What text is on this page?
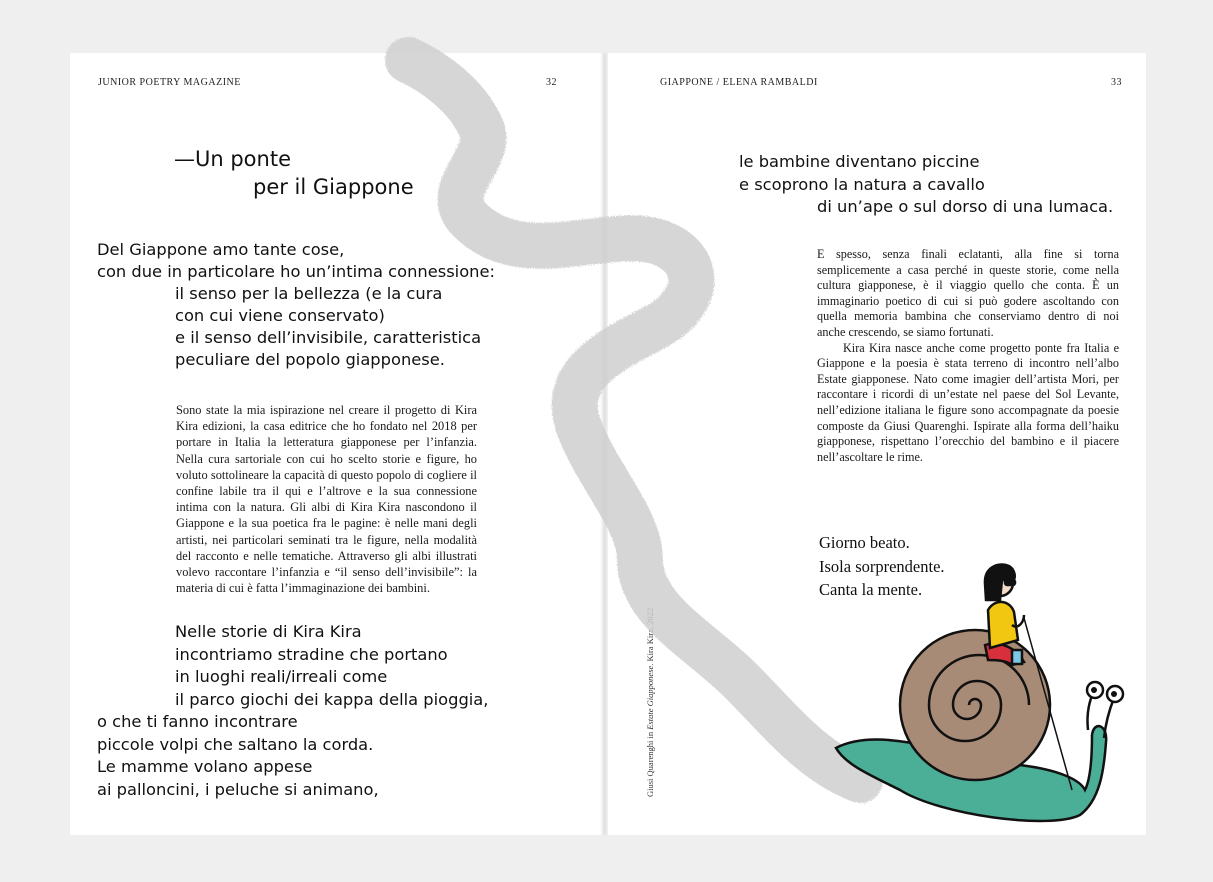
JUNIOR POETRY MAGAZINE	32
—Un ponte
per il Giappone
Del Giappone amo tante cose,
con due in particolare ho un’intima connessione:
il senso per la bellezza (e la cura
con cui viene conservato)
e il senso dell’invisibile, caratteristica
peculiare del popolo giapponese.

Sono state la mia ispirazione nel creare il progetto di Kira Kira edizioni, la casa editrice che ho fondato nel 2018 per portare in Italia la letteratura giapponese per l’infanzia. Nella cura sartoriale con cui ho scelto storie e figure, ho voluto sottolineare la capacità di questo popolo di cogliere il confine labile tra il qui e l’altrove e la sua connessione intima con la natura. Gli albi di Kira Kira nascondono il Giappone e la sua poetica fra le pagine: è nelle mani degli artisti, nei particolari seminati tra le figure, nella modalità del racconto e nelle tematiche. Attraverso gli albi illustrati volevo raccontare l’infanzia e “il senso dell’invisibile”: la materia di cui è fatta l’immaginazione dei bambini.

Nelle storie di Kira Kira
incontriamo stradine che portano
in luoghi reali/irreali come
il parco giochi dei kappa della pioggia,
o che ti fanno incontrare
piccole volpi che saltano la corda.
Le mamme volano appese
ai palloncini, i peluche si animano,
GIAPPONE / ELENA RAMBALDI	33
le bambine diventano piccine
e scoprono la natura a cavallo
di un’ape o sul dorso di una lumaca.

E spesso, senza finali eclatanti, alla fine si torna semplicemente a casa perché in queste storie, come nella cultura giapponese, è il viaggio quello che conta. È un immaginario poetico di cui si può godere ascoltando con quella memoria bambina che conserviamo dentro di noi anche crescendo, se siamo fortunati.

Kira Kira nasce anche come progetto ponte fra Italia e Giappone e la poesia è stata terreno di incontro nell’albo Estate giapponese. Nato come imagier dell’artista Mori, per raccontare i ricordi di un’estate nel paese del Sol Levante, nell’edizione italiana le figure sono accompagnate da poesie composte da Giusi Quarenghi. Ispirate alla forma dell’haiku giapponese, rispettano l’orecchio del bambino e il piacere nell’ascoltare le rime.

Giorno beato.
Isola sorprendente.
Canta la mente.
Giusi Quarenghi in Estate Giapponese. Kira Kira, 2022
